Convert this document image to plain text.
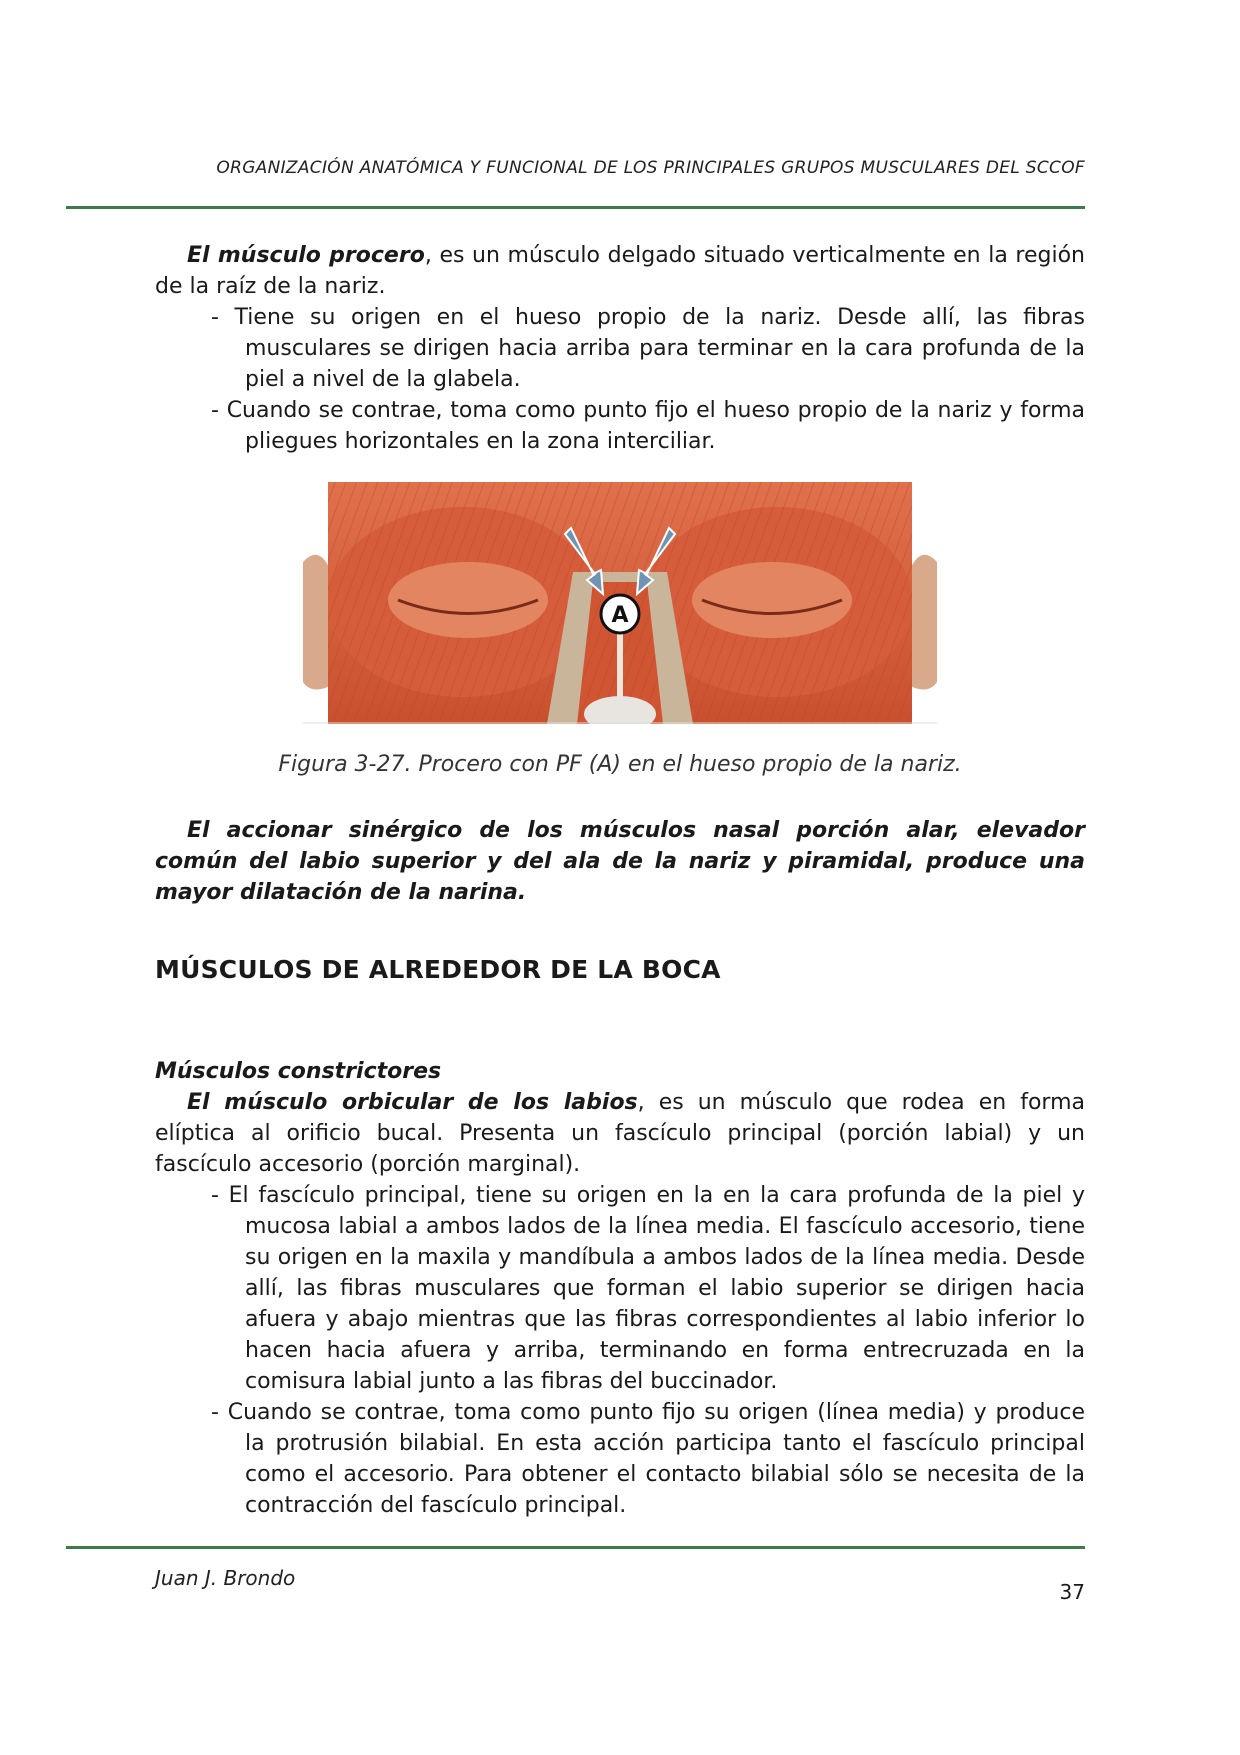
ORGANIZACIÓN ANATÓMICA Y FUNCIONAL DE LOS PRINCIPALES GRUPOS MUSCULARES DEL SCCOF

El músculo procero, es un músculo delgado situado verticalmente en la región de la raíz de la nariz.

- Tiene su origen en el hueso propio de la nariz. Desde allí, las fibras musculares se dirigen hacia arriba para terminar en la cara profunda de la piel a nivel de la glabela.

- Cuando se contrae, toma como punto fijo el hueso propio de la nariz y forma pliegues horizontales en la zona interciliar.

A
Figura 3-27. Procero con PF (A) en el hueso propio de la nariz.

El accionar sinérgico de los músculos nasal porción alar, elevador común del labio superior y del ala de la nariz y piramidal, produce una mayor dilatación de la narina.

MÚSCULOS DE ALREDEDOR DE LA BOCA

Músculos constrictores

El músculo orbicular de los labios, es un músculo que rodea en forma elíptica al orificio bucal. Presenta un fascículo principal (porción labial) y un fascículo accesorio (porción marginal).

- El fascículo principal, tiene su origen en la en la cara profunda de la piel y mucosa labial a ambos lados de la línea media. El fascículo accesorio, tiene su origen en la maxila y mandíbula a ambos lados de la línea media. Desde allí, las fibras musculares que forman el labio superior se dirigen hacia afuera y abajo mientras que las fibras correspondientes al labio inferior lo hacen hacia afuera y arriba, terminando en forma entrecruzada en la comisura labial junto a las fibras del buccinador.

- Cuando se contrae, toma como punto fijo su origen (línea media) y produce la protrusión bilabial. En esta acción participa tanto el fascículo principal como el accesorio. Para obtener el contacto bilabial sólo se necesita de la contracción del fascículo principal.

Juan J. Brondo
37
